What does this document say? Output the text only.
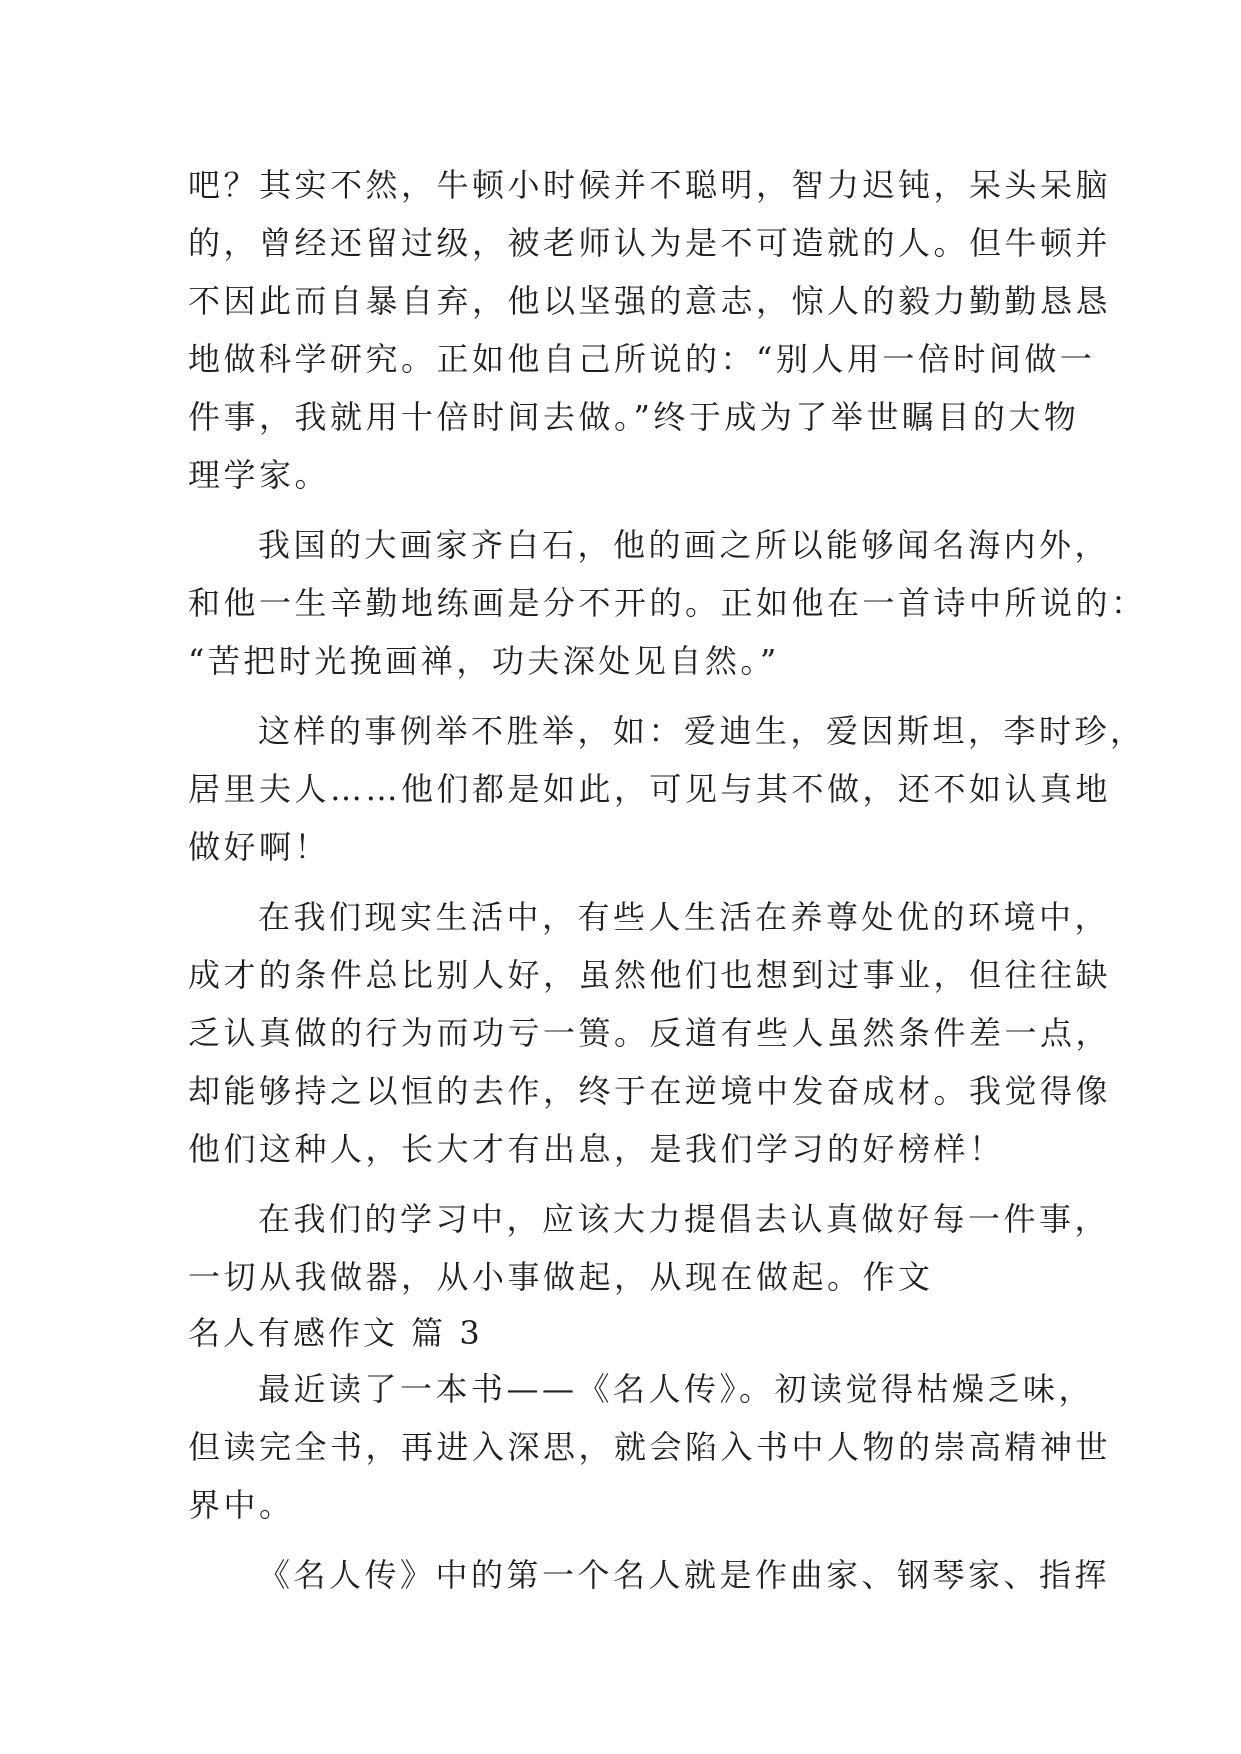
吧？其实不然，牛顿小时候并不聪明，智力迟钝，呆头呆脑
的，曾经还留过级，被老师认为是不可造就的人。但牛顿并
不因此而自暴自弃，他以坚强的意志，惊人的毅力勤勤恳恳
地做科学研究。正如他自己所说的：“别人用一倍时间做一
件事，我就用十倍时间去做。”终于成为了举世瞩目的大物
理学家。
我国的大画家齐白石，他的画之所以能够闻名海内外，
和他一生辛勤地练画是分不开的。正如他在一首诗中所说的：
“苦把时光挽画禅，功夫深处见自然。”
这样的事例举不胜举，如：爱迪生，爱因斯坦，李时珍，
居里夫人……他们都是如此，可见与其不做，还不如认真地
做好啊！
在我们现实生活中，有些人生活在养尊处优的环境中，
成才的条件总比别人好，虽然他们也想到过事业，但往往缺
乏认真做的行为而功亏一篑。反道有些人虽然条件差一点，
却能够持之以恒的去作，终于在逆境中发奋成材。我觉得像
他们这种人，长大才有出息，是我们学习的好榜样！
在我们的学习中，应该大力提倡去认真做好每一件事，
一切从我做器，从小事做起，从现在做起。作文
名人有感作文 篇 3
最近读了一本书——《名人传》。初读觉得枯燥乏味，
但读完全书，再进入深思，就会陷入书中人物的崇高精神世
界中。
《名人传》中的第一个名人就是作曲家、钢琴家、指挥
